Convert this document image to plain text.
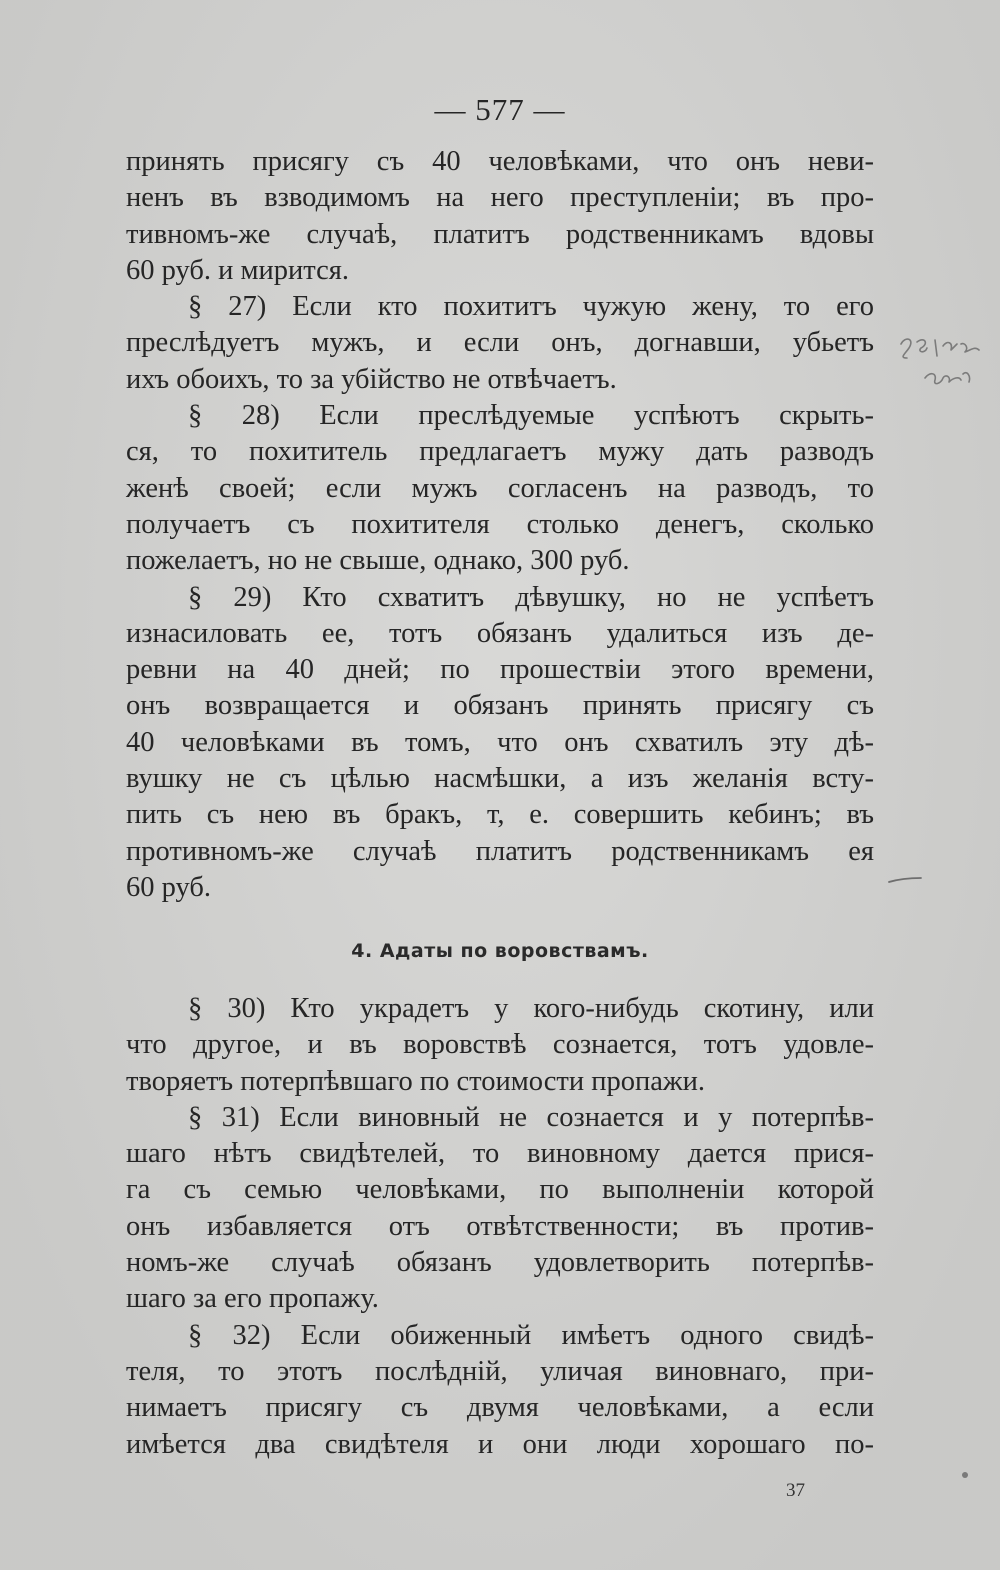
— 577 —
принять присягу съ 40 человѣками, что онъ неви-
ненъ въ взводимомъ на него преступленіи; въ про-
тивномъ-же случаѣ, платитъ родственникамъ вдовы
60 руб. и мирится.
§ 27) Если кто похититъ чужую жену, то его
преслѣдуетъ мужъ, и если онъ, догнавши, убьетъ
ихъ обоихъ, то за убійство не отвѣчаетъ.
§ 28) Если преслѣдуемые успѣютъ скрыть-
ся, то похититель предлагаетъ мужу дать разводъ
женѣ своей; если мужъ согласенъ на разводъ, то
получаетъ съ похитителя столько денегъ, сколько
пожелаетъ, но не свыше, однако, 300 руб.
§ 29) Кто схватитъ дѣвушку, но не успѣетъ
изнасиловать ее, тотъ обязанъ удалиться изъ де-
ревни на 40 дней; по прошествіи этого времени,
онъ возвращается и обязанъ принять присягу съ
40 человѣками въ томъ, что онъ схватилъ эту дѣ-
вушку не съ цѣлью насмѣшки, а изъ желанія всту-
пить съ нею въ бракъ, т, е. совершить кебинъ; въ
противномъ-же случаѣ платитъ родственникамъ ея
60 руб.
4. Адаты по воровствамъ.
§ 30) Кто украдетъ у кого-нибудь скотину, или
что другое, и въ воровствѣ сознается, тотъ удовле-
творяетъ потерпѣвшаго по стоимости пропажи.
§ 31) Если виновный не сознается и у потерпѣв-
шаго нѣтъ свидѣтелей, то виновному дается прися-
га съ семью человѣками, по выполненіи которой
онъ избавляется отъ отвѣтственности; въ против-
номъ-же случаѣ обязанъ удовлетворить потерпѣв-
шаго за его пропажу.
§ 32) Если обиженный имѣетъ одного свидѣ-
теля, то этотъ послѣдній, уличая виновнаго, при-
нимаетъ присягу съ двумя человѣками, а если
имѣется два свидѣтеля и они люди хорошаго по-
37
